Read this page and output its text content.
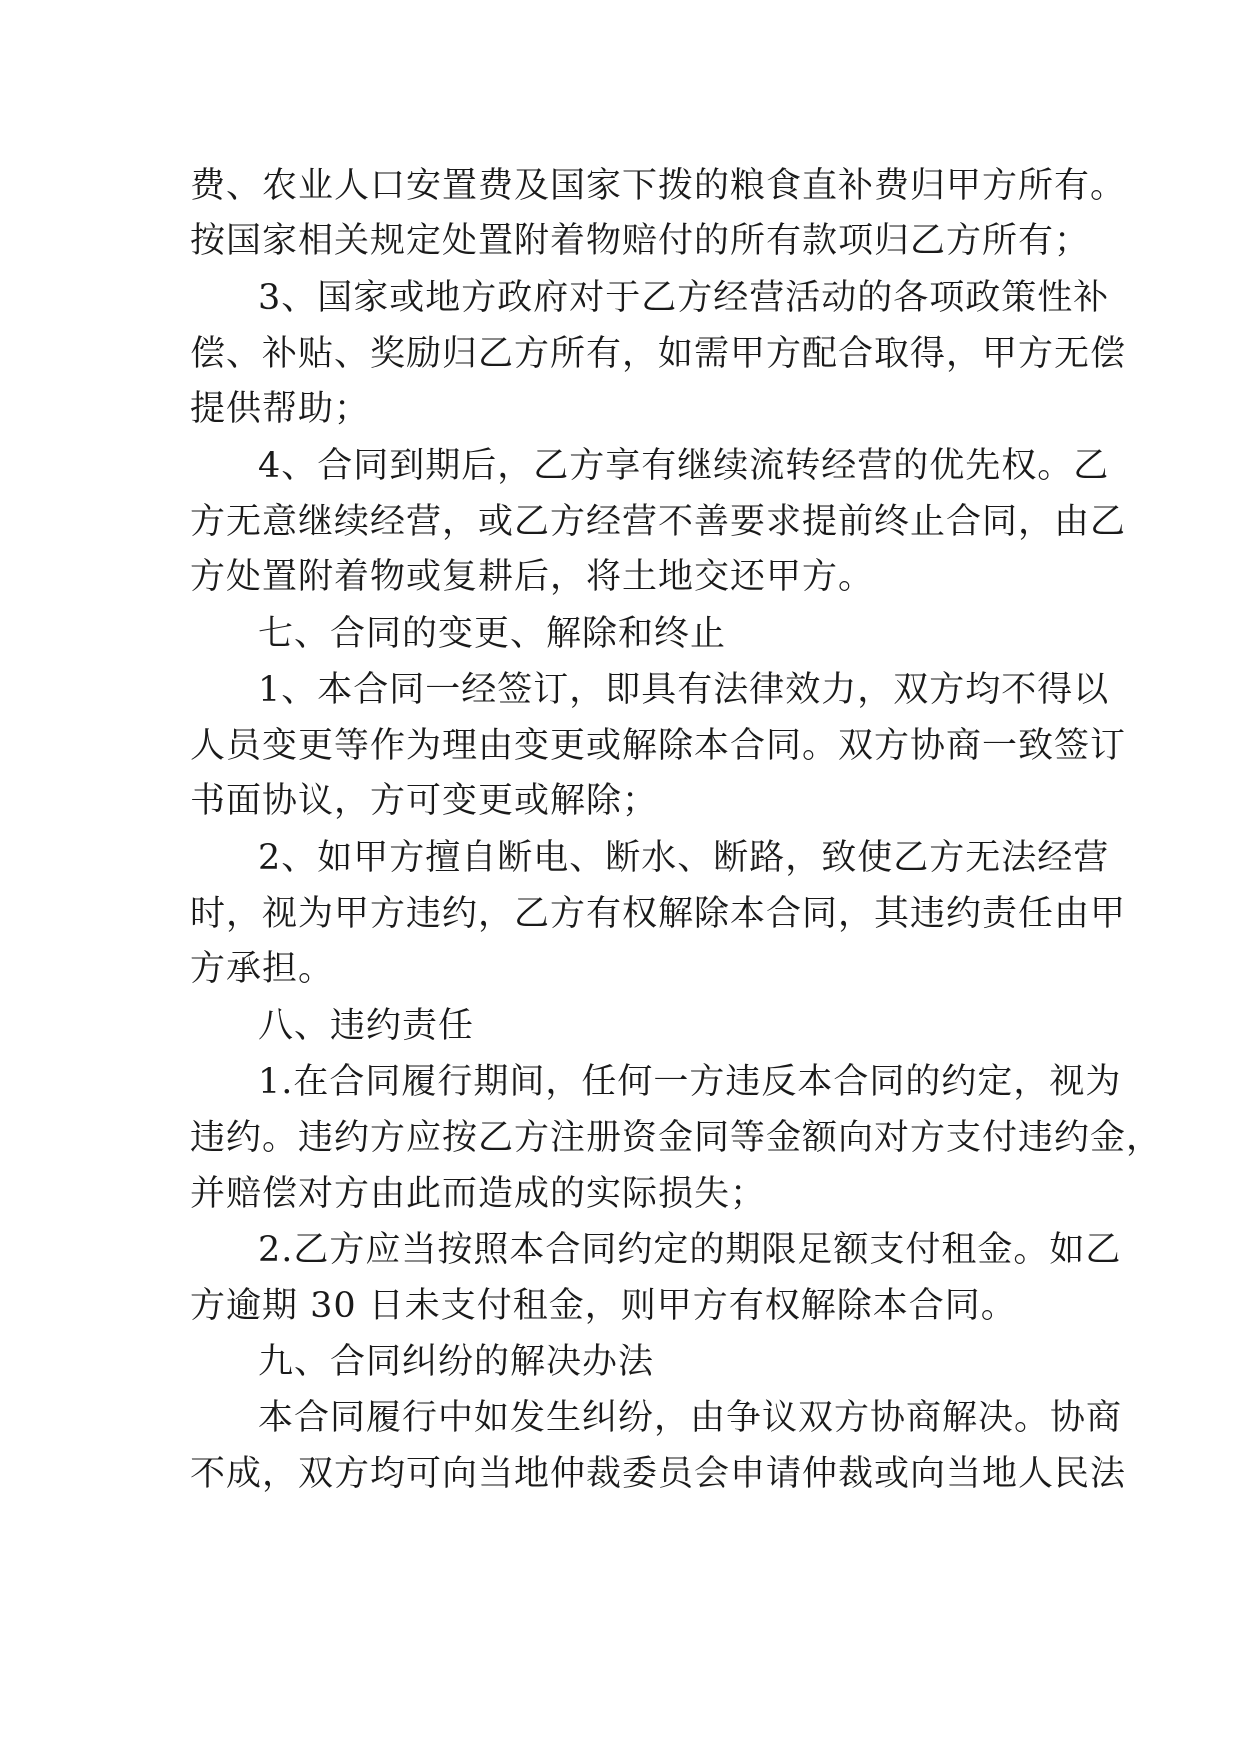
费、农业人口安置费及国家下拨的粮食直补费归甲方所有。
按国家相关规定处置附着物赔付的所有款项归乙方所有；
3、国家或地方政府对于乙方经营活动的各项政策性补
偿、补贴、奖励归乙方所有，如需甲方配合取得，甲方无偿
提供帮助；
4、合同到期后，乙方享有继续流转经营的优先权。乙
方无意继续经营，或乙方经营不善要求提前终止合同，由乙
方处置附着物或复耕后，将土地交还甲方。
七、合同的变更、解除和终止
1、本合同一经签订，即具有法律效力，双方均不得以
人员变更等作为理由变更或解除本合同。双方协商一致签订
书面协议，方可变更或解除；
2、如甲方擅自断电、断水、断路，致使乙方无法经营
时，视为甲方违约，乙方有权解除本合同，其违约责任由甲
方承担。
八、违约责任
1.在合同履行期间，任何一方违反本合同的约定，视为
违约。违约方应按乙方注册资金同等金额向对方支付违约金，
并赔偿对方由此而造成的实际损失；
2.乙方应当按照本合同约定的期限足额支付租金。如乙
方逾期 30 日未支付租金，则甲方有权解除本合同。
九、合同纠纷的解决办法
本合同履行中如发生纠纷，由争议双方协商解决。协商
不成，双方均可向当地仲裁委员会申请仲裁或向当地人民法
